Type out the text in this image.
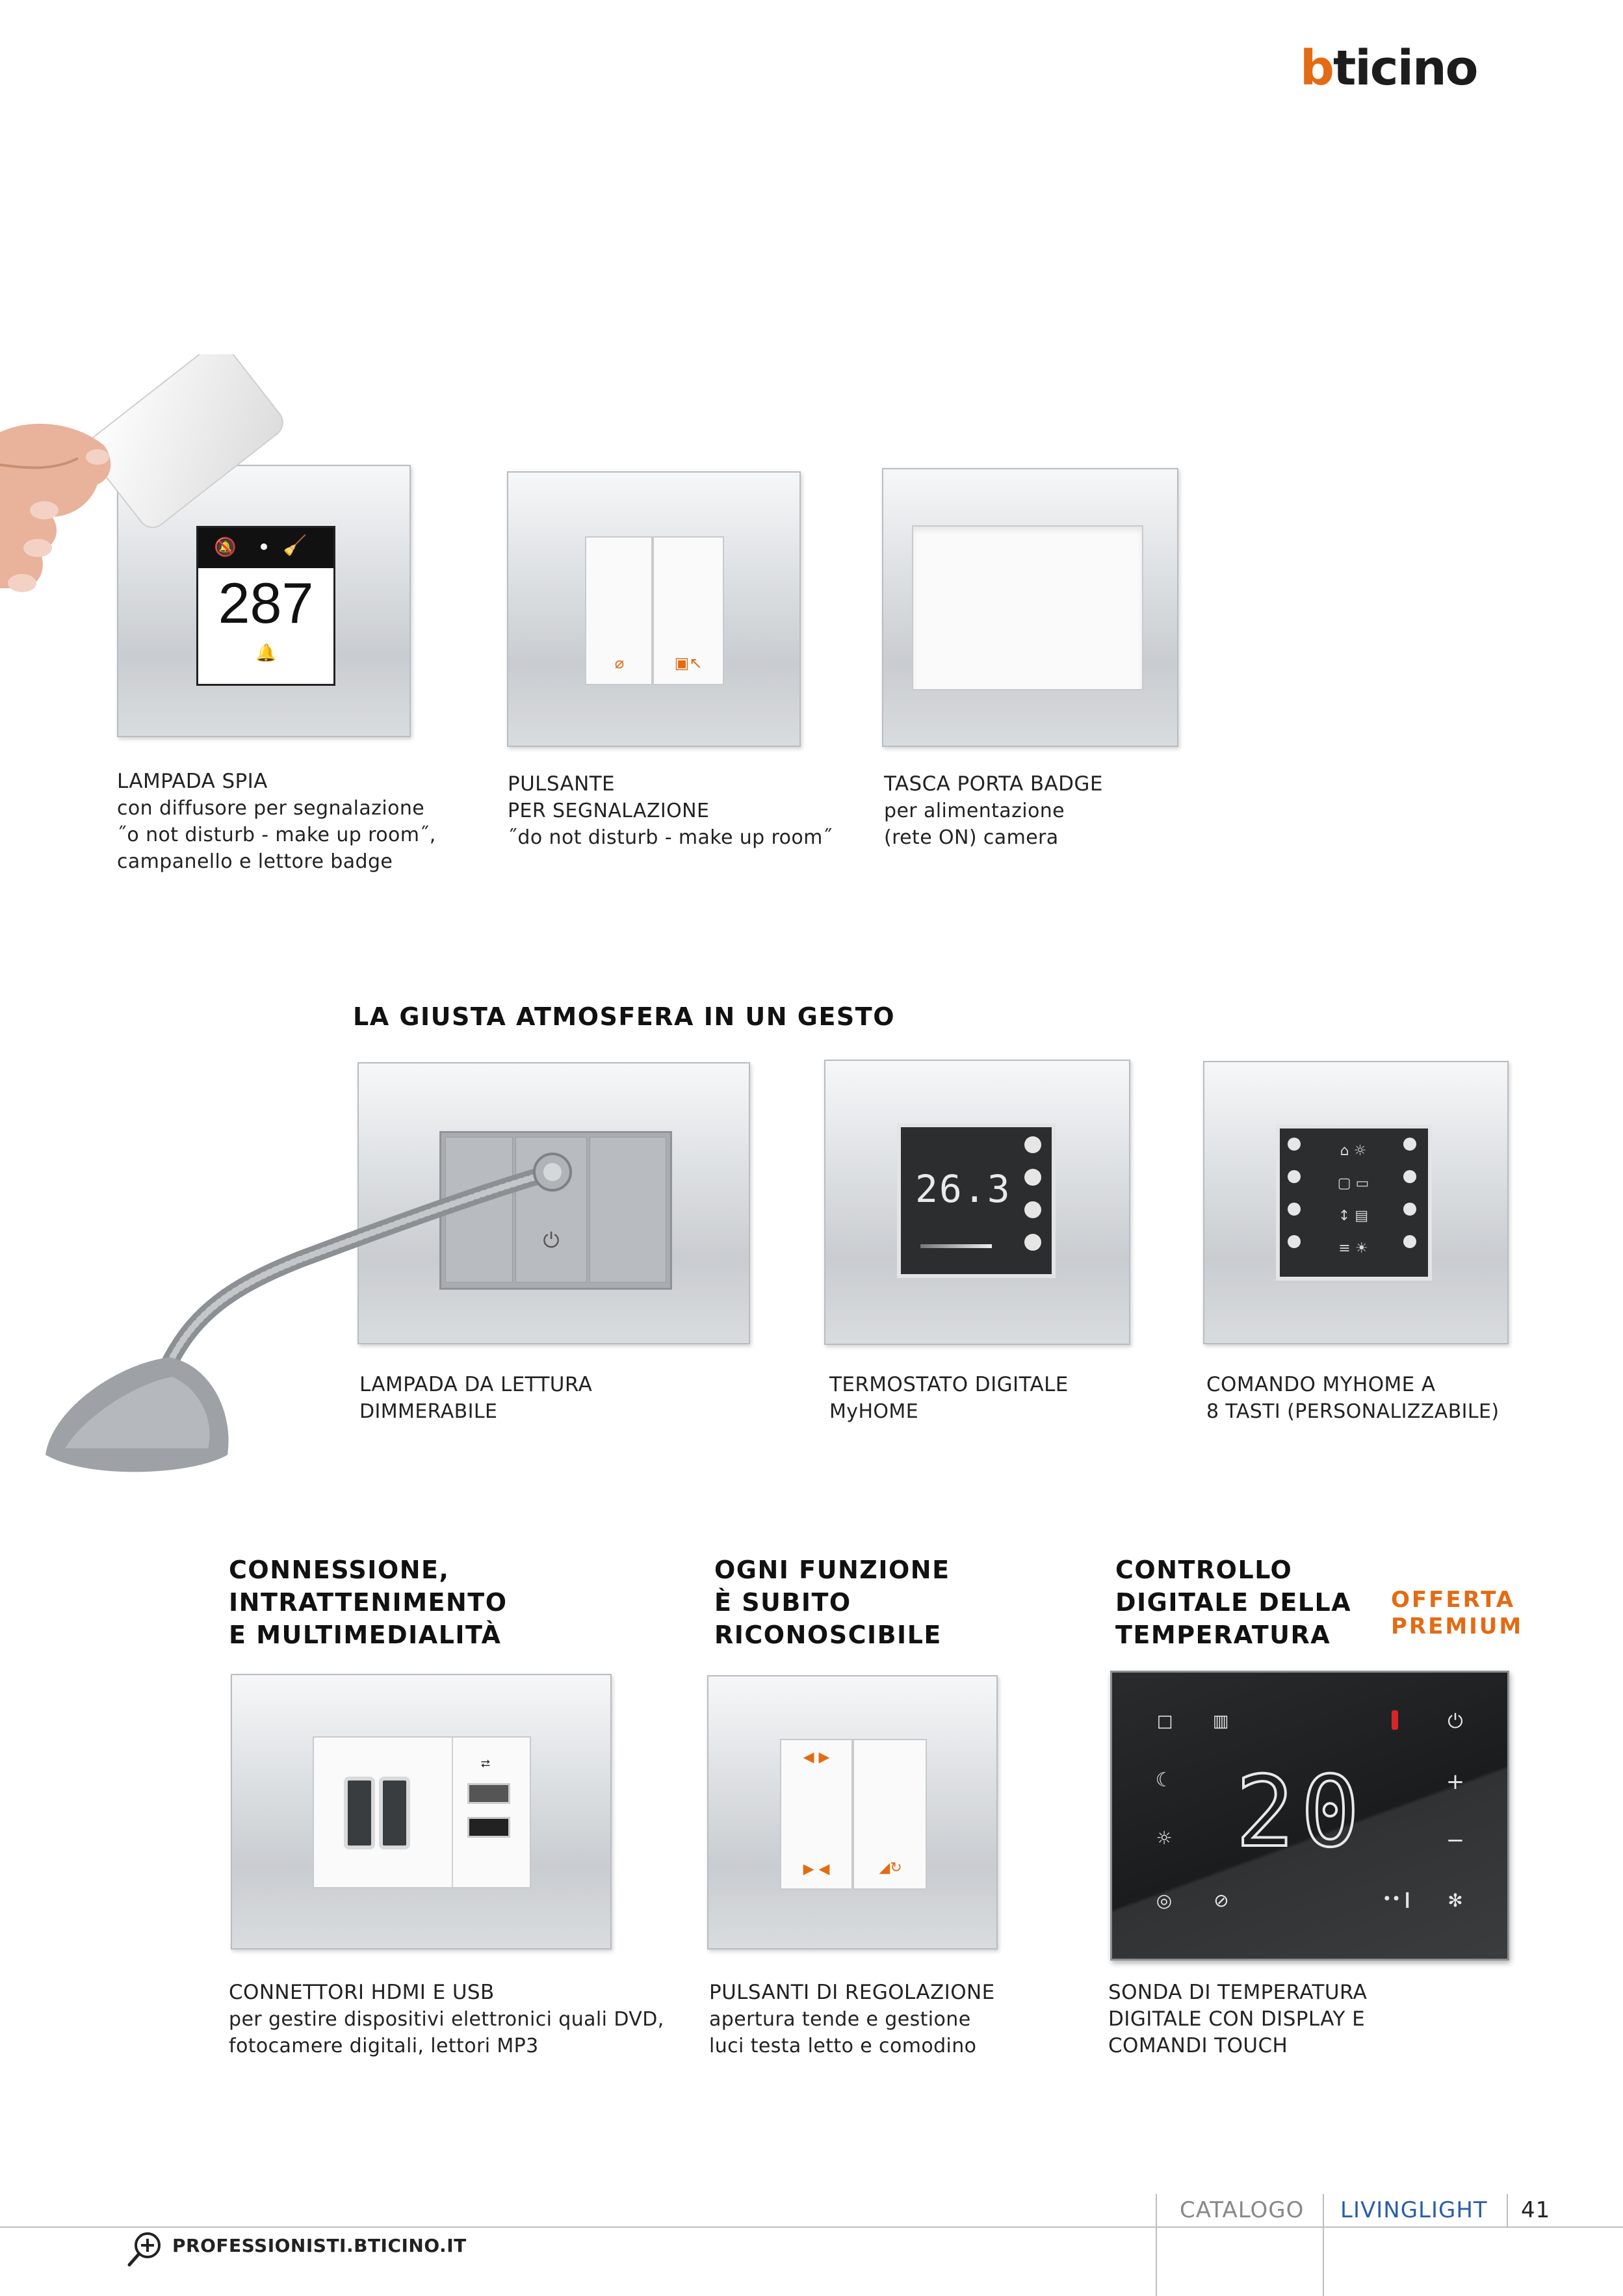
bticino
🔕 🧹
287
🔔
LAMPADA SPIA
con diffusore per segnalazione
˝o not disturb - make up room˝,
campanello e lettore badge
⌀	▣↖
PULSANTE
PER SEGNALAZIONE
˝do not disturb - make up room˝
TASCA PORTA BADGE
per alimentazione
(rete ON) camera
LA GIUSTA ATMOSFERA IN UN GESTO
⏻
LAMPADA DA LETTURA
DIMMERABILE
26.3
TERMOSTATO DIGITALE
MyHOME
⌂ ☼
▢ ▭
↕ ▤
≡ ☀
COMANDO MYHOME A
8 TASTI (PERSONALIZZABILE)
CONNESSIONE,
INTRATTENIMENTO
E MULTIMEDIALITÀ
OGNI FUNZIONE
È SUBITO
RICONOSCIBILE
CONTROLLO
DIGITALE DELLA
TEMPERATURA
OFFERTA
PREMIUM
⮂
CONNETTORI HDMI E USB
per gestire dispositivi elettronici quali DVD,
fotocamere digitali, lettori MP3
◀ ▶
▶ ◀	◢↻
PULSANTI DI REGOLAZIONE
apertura tende e gestione
luci testa letto e comodino
20
□ ▥	⏻
☾	+
☼	−
◎ ⊘	••❙ ✻
SONDA DI TEMPERATURA
DIGITALE CON DISPLAY E
COMANDI TOUCH
CATALOGO LIVINGLIGHT 41
PROFESSIONISTI.BTICINO.IT
